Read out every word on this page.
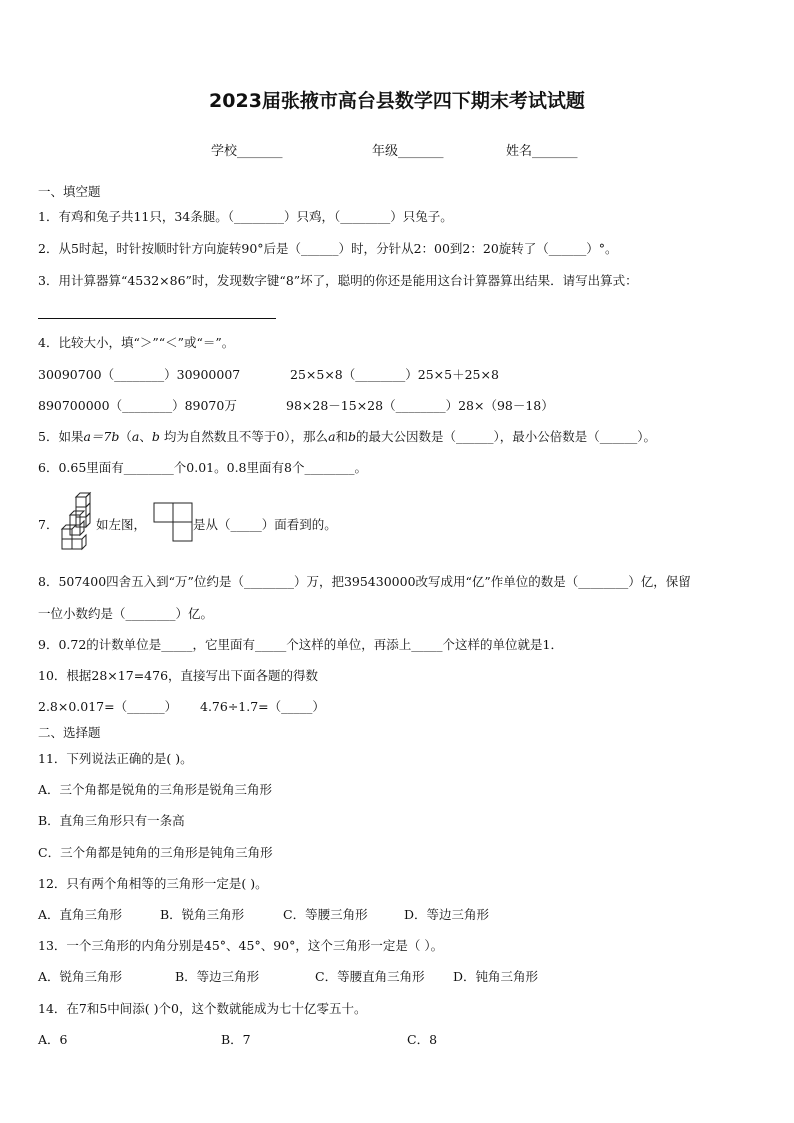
2023届张掖市高台县数学四下期末考试试题
学校_______	年级_______	姓名_______
一、填空题
1．有鸡和兔子共11只，34条腿。（________）只鸡，（________）只兔子。
2．从5时起，时针按顺时针方向旋转90°后是（______）时，分针从2：00到2：20旋转了（______）°。
3．用计算器算“4532×86”时，发现数字键“8”坏了，聪明的你还是能用这台计算器算出结果．请写出算式：
4．比较大小，填“＞”“＜”或“＝”。
30090700（________）30900007	25×5×8（________）25×5＋25×8
890700000（________）89070万	98×28－15×28（________）28×（98－18）
5．如果a＝7b（a、b 均为自然数且不等于0），那么a和b的最大公因数是（______），最小公倍数是（______）。
6．0.65里面有________个0.01。0.8里面有8个________。
7．	如左图，	是从（_____）面看到的。
8．507400四舍五入到“万”位约是（________）万，把395430000改写成用“亿”作单位的数是（________）亿，保留
一位小数约是（________）亿。
9．0.72的计数单位是_____，它里面有_____个这样的单位，再添上_____个这样的单位就是1．
10．根据28×17=476，直接写出下面各题的得数
2.8×0.017=（______） 4.76÷1.7=（_____）
二、选择题
11．下列说法正确的是( )。
A．三个角都是锐角的三角形是锐角三角形
B．直角三角形只有一条高
C．三个角都是钝角的三角形是钝角三角形
12．只有两个角相等的三角形一定是( )。
A．直角三角形	B．锐角三角形	C．等腰三角形	D．等边三角形
13．一个三角形的内角分别是45°、45°、90°，这个三角形一定是（ ）。
A．锐角三角形	B．等边三角形	C．等腰直角三角形 D．钝角三角形
14．在7和5中间添( )个0，这个数就能成为七十亿零五十。
A．6	B．7	C．8
